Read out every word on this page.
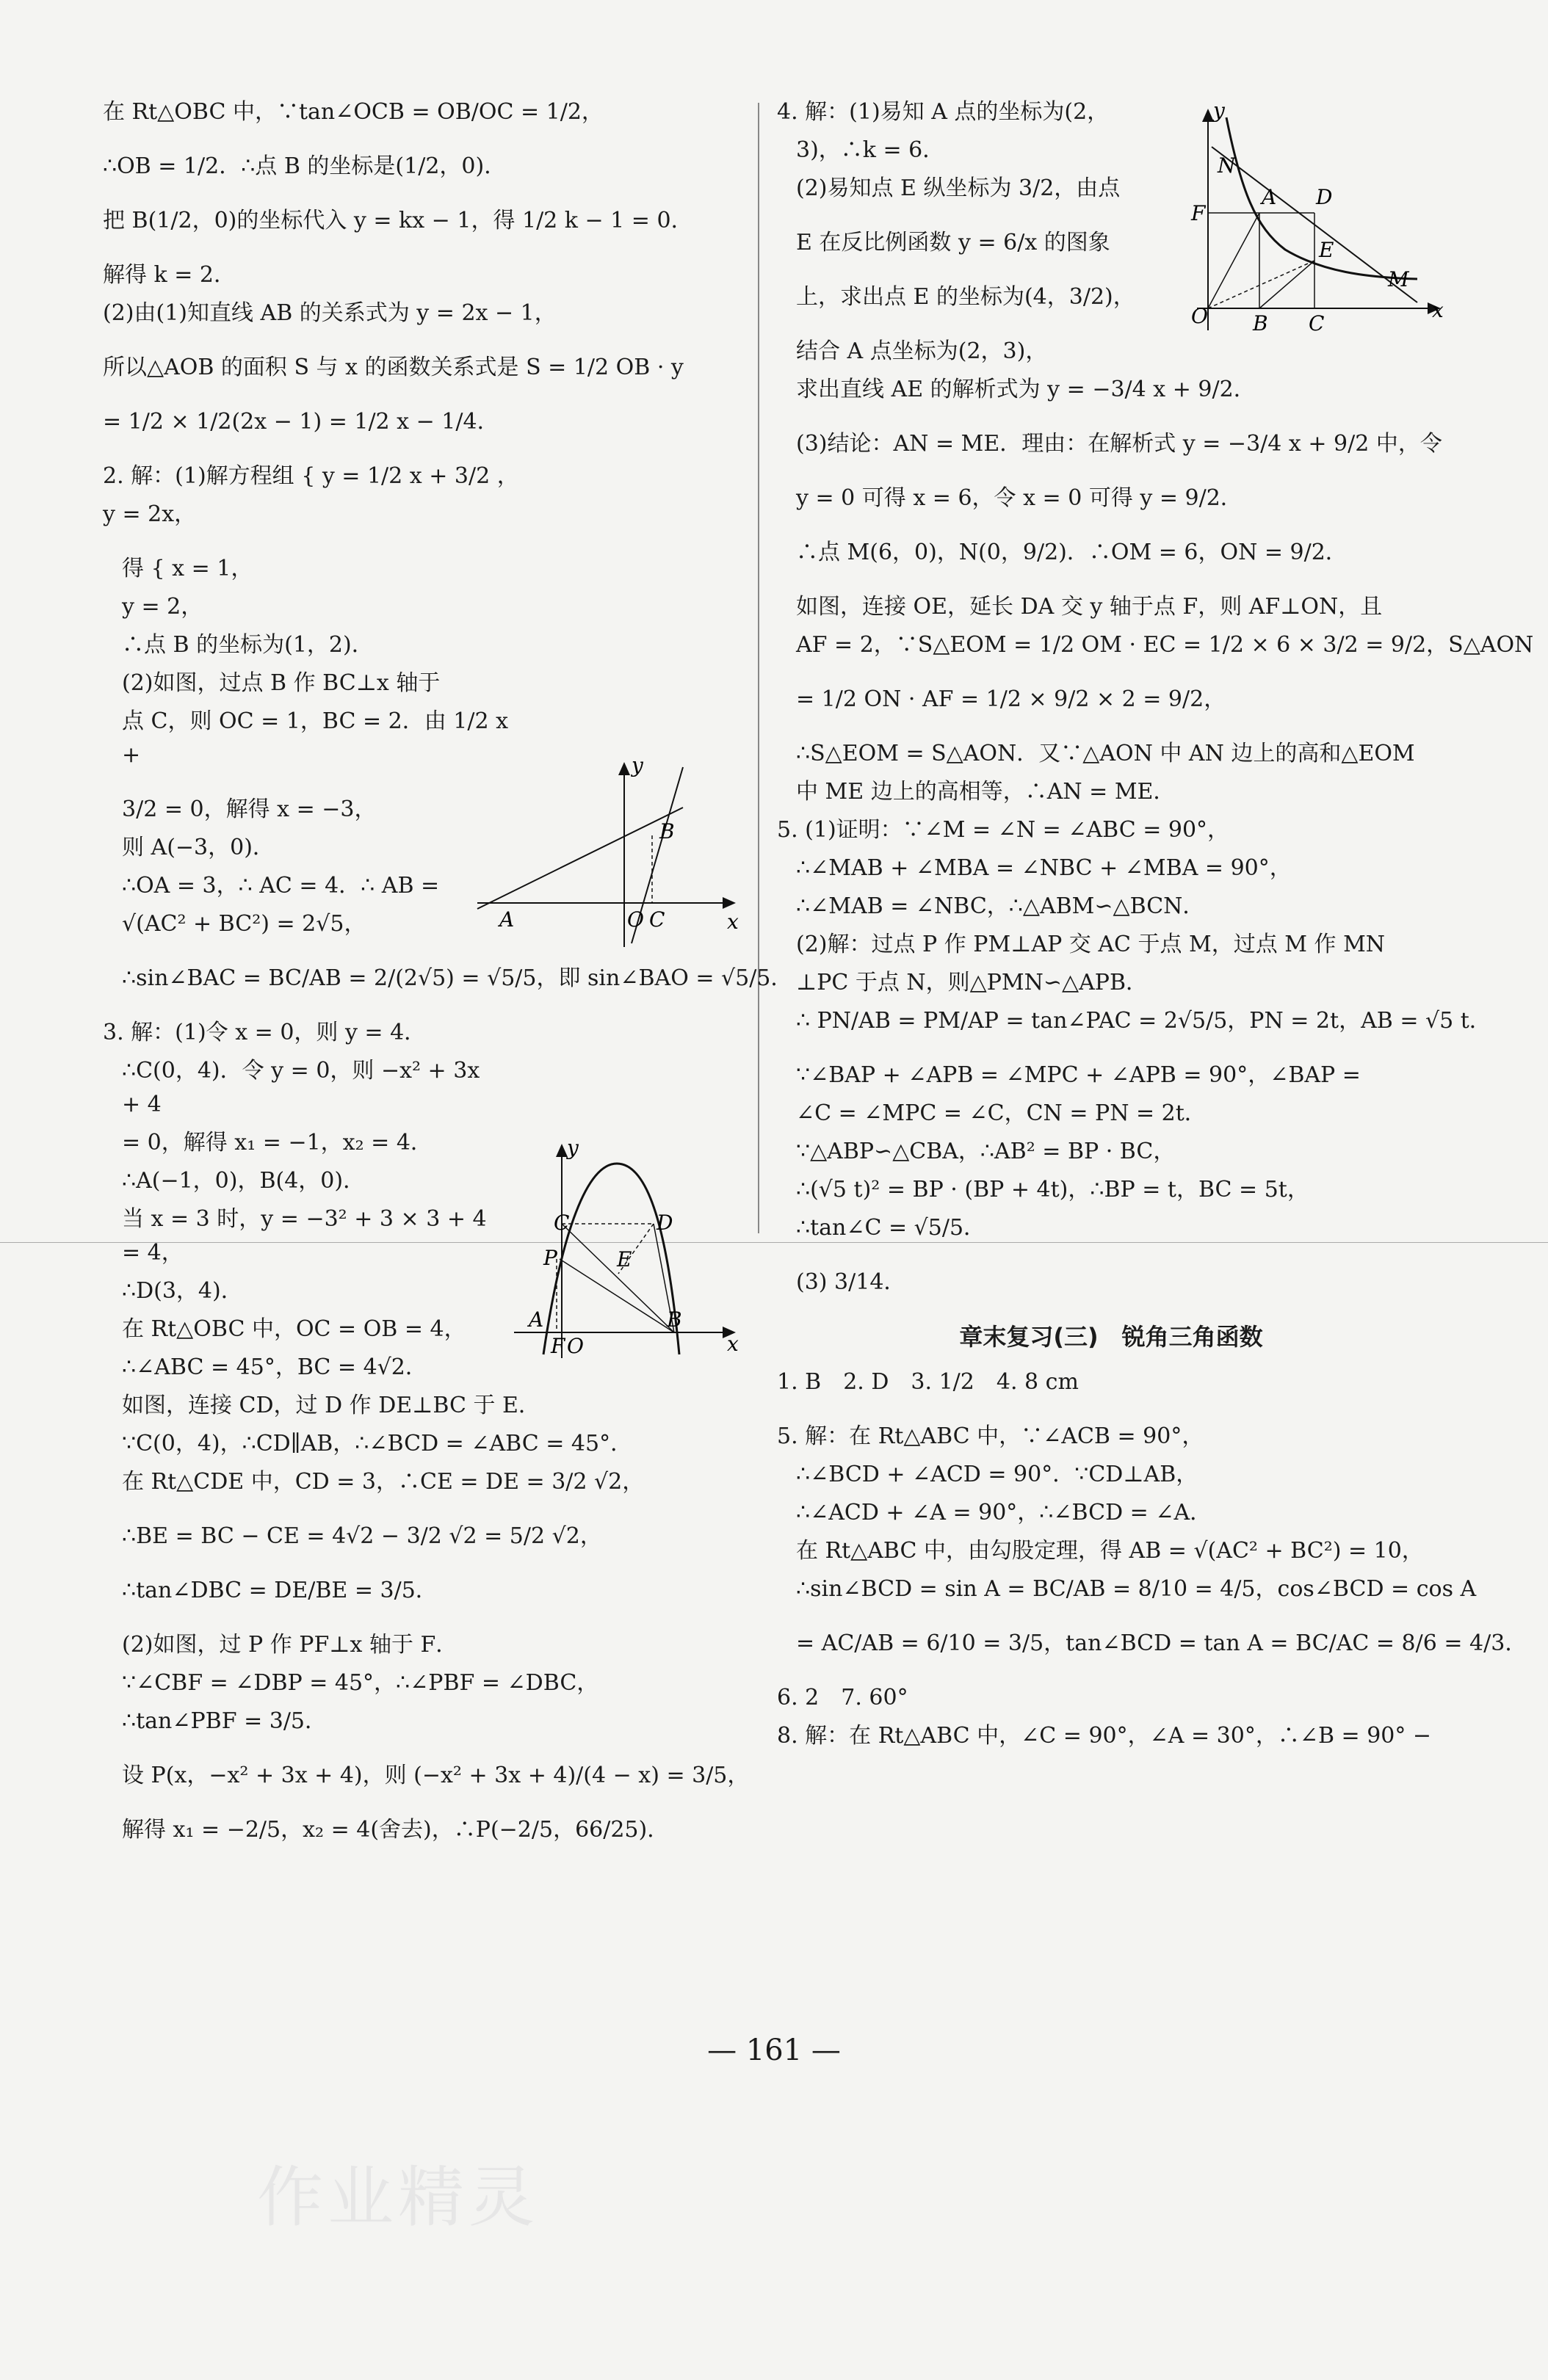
在 Rt△OBC 中，∵tan∠OCB = OB/OC = 1/2，
∴OB = 1/2．∴点 B 的坐标是(1/2，0)．
把 B(1/2，0)的坐标代入 y = kx − 1，得 1/2 k − 1 = 0．
解得 k = 2．
(2)由(1)知直线 AB 的关系式为 y = 2x − 1，
所以△AOB 的面积 S 与 x 的函数关系式是 S = 1/2 OB · y
= 1/2 × 1/2(2x − 1) = 1/2 x − 1/4．
2. 解：(1)解方程组 { y = 1/2 x + 3/2 ，
y = 2x，
得 { x = 1，
y = 2，
∴点 B 的坐标为(1，2)．
(2)如图，过点 B 作 BC⊥x 轴于
点 C，则 OC = 1，BC = 2．由 1/2 x +
3/2 = 0，解得 x = −3，
则 A(−3，0)．
∴OA = 3，∴ AC = 4．∴ AB =
√(AC² + BC²) = 2√5，
∴sin∠BAC = BC/AB = 2/(2√5) = √5/5，即 sin∠BAO = √5/5．
3. 解：(1)令 x = 0，则 y = 4．
∴C(0，4)．令 y = 0，则 −x² + 3x + 4
= 0，解得 x₁ = −1，x₂ = 4．
∴A(−1，0)，B(4，0)．
当 x = 3 时，y = −3² + 3 × 3 + 4 = 4，
∴D(3，4)．
在 Rt△OBC 中，OC = OB = 4，
∴∠ABC = 45°，BC = 4√2．
如图，连接 CD，过 D 作 DE⊥BC 于 E．
∵C(0，4)，∴CD∥AB，∴∠BCD = ∠ABC = 45°．
在 Rt△CDE 中，CD = 3，∴CE = DE = 3/2 √2，
∴BE = BC − CE = 4√2 − 3/2 √2 = 5/2 √2，
∴tan∠DBC = DE/BE = 3/5．
(2)如图，过 P 作 PF⊥x 轴于 F．
∵∠CBF = ∠DBP = 45°，∴∠PBF = ∠DBC，
∴tan∠PBF = 3/5．
设 P(x，−x² + 3x + 4)，则 (−x² + 3x + 4)/(4 − x) = 3/5，
解得 x₁ = −2/5，x₂ = 4(舍去)，∴P(−2/5，66/25)．
4. 解：(1)易知 A 点的坐标为(2，
3)，∴k = 6．
(2)易知点 E 纵坐标为 3/2，由点
E 在反比例函数 y = 6/x 的图象
上，求出点 E 的坐标为(4，3/2)，
结合 A 点坐标为(2，3)，
求出直线 AE 的解析式为 y = −3/4 x + 9/2．
(3)结论：AN = ME．理由：在解析式 y = −3/4 x + 9/2 中，令
y = 0 可得 x = 6，令 x = 0 可得 y = 9/2．
∴点 M(6，0)，N(0，9/2)．∴OM = 6，ON = 9/2．
如图，连接 OE，延长 DA 交 y 轴于点 F，则 AF⊥ON，且
AF = 2，∵S△EOM = 1/2 OM · EC = 1/2 × 6 × 3/2 = 9/2，S△AON
= 1/2 ON · AF = 1/2 × 9/2 × 2 = 9/2，
∴S△EOM = S△AON．又∵△AON 中 AN 边上的高和△EOM
中 ME 边上的高相等，∴AN = ME．
5. (1)证明：∵∠M = ∠N = ∠ABC = 90°，
∴∠MAB + ∠MBA = ∠NBC + ∠MBA = 90°，
∴∠MAB = ∠NBC，∴△ABM∽△BCN．
(2)解：过点 P 作 PM⊥AP 交 AC 于点 M，过点 M 作 MN
⊥PC 于点 N，则△PMN∽△APB．
∴ PN/AB = PM/AP = tan∠PAC = 2√5/5，PN = 2t，AB = √5 t．
∵∠BAP + ∠APB = ∠MPC + ∠APB = 90°，∠BAP =
∠C = ∠MPC = ∠C，CN = PN = 2t．
∵△ABP∽△CBA，∴AB² = BP · BC，
∴(√5 t)² = BP · (BP + 4t)，∴BP = t，BC = 5t，
∴tan∠C = √5/5．
(3) 3/14．
章末复习(三)　锐角三角函数
1. B　2. D　3. 1/2　4. 8 cm
5. 解：在 Rt△ABC 中，∵∠ACB = 90°，
∴∠BCD + ∠ACD = 90°．∵CD⊥AB，
∴∠ACD + ∠A = 90°，∴∠BCD = ∠A．
在 Rt△ABC 中，由勾股定理，得 AB = √(AC² + BC²) = 10，
∴sin∠BCD = sin A = BC/AB = 8/10 = 4/5，cos∠BCD = cos A
= AC/AB = 6/10 = 3/5，tan∠BCD = tan A = BC/AC = 8/6 = 4/3．
6. 2　7. 60°
8. 解：在 Rt△ABC 中，∠C = 90°，∠A = 30°，∴∠B = 90° −
y
x
A	O C
B
y
x
C	D
P	E
A
F O
B
y
x
N
F
A D
E
M
O B C
— 161 —
作业精灵
